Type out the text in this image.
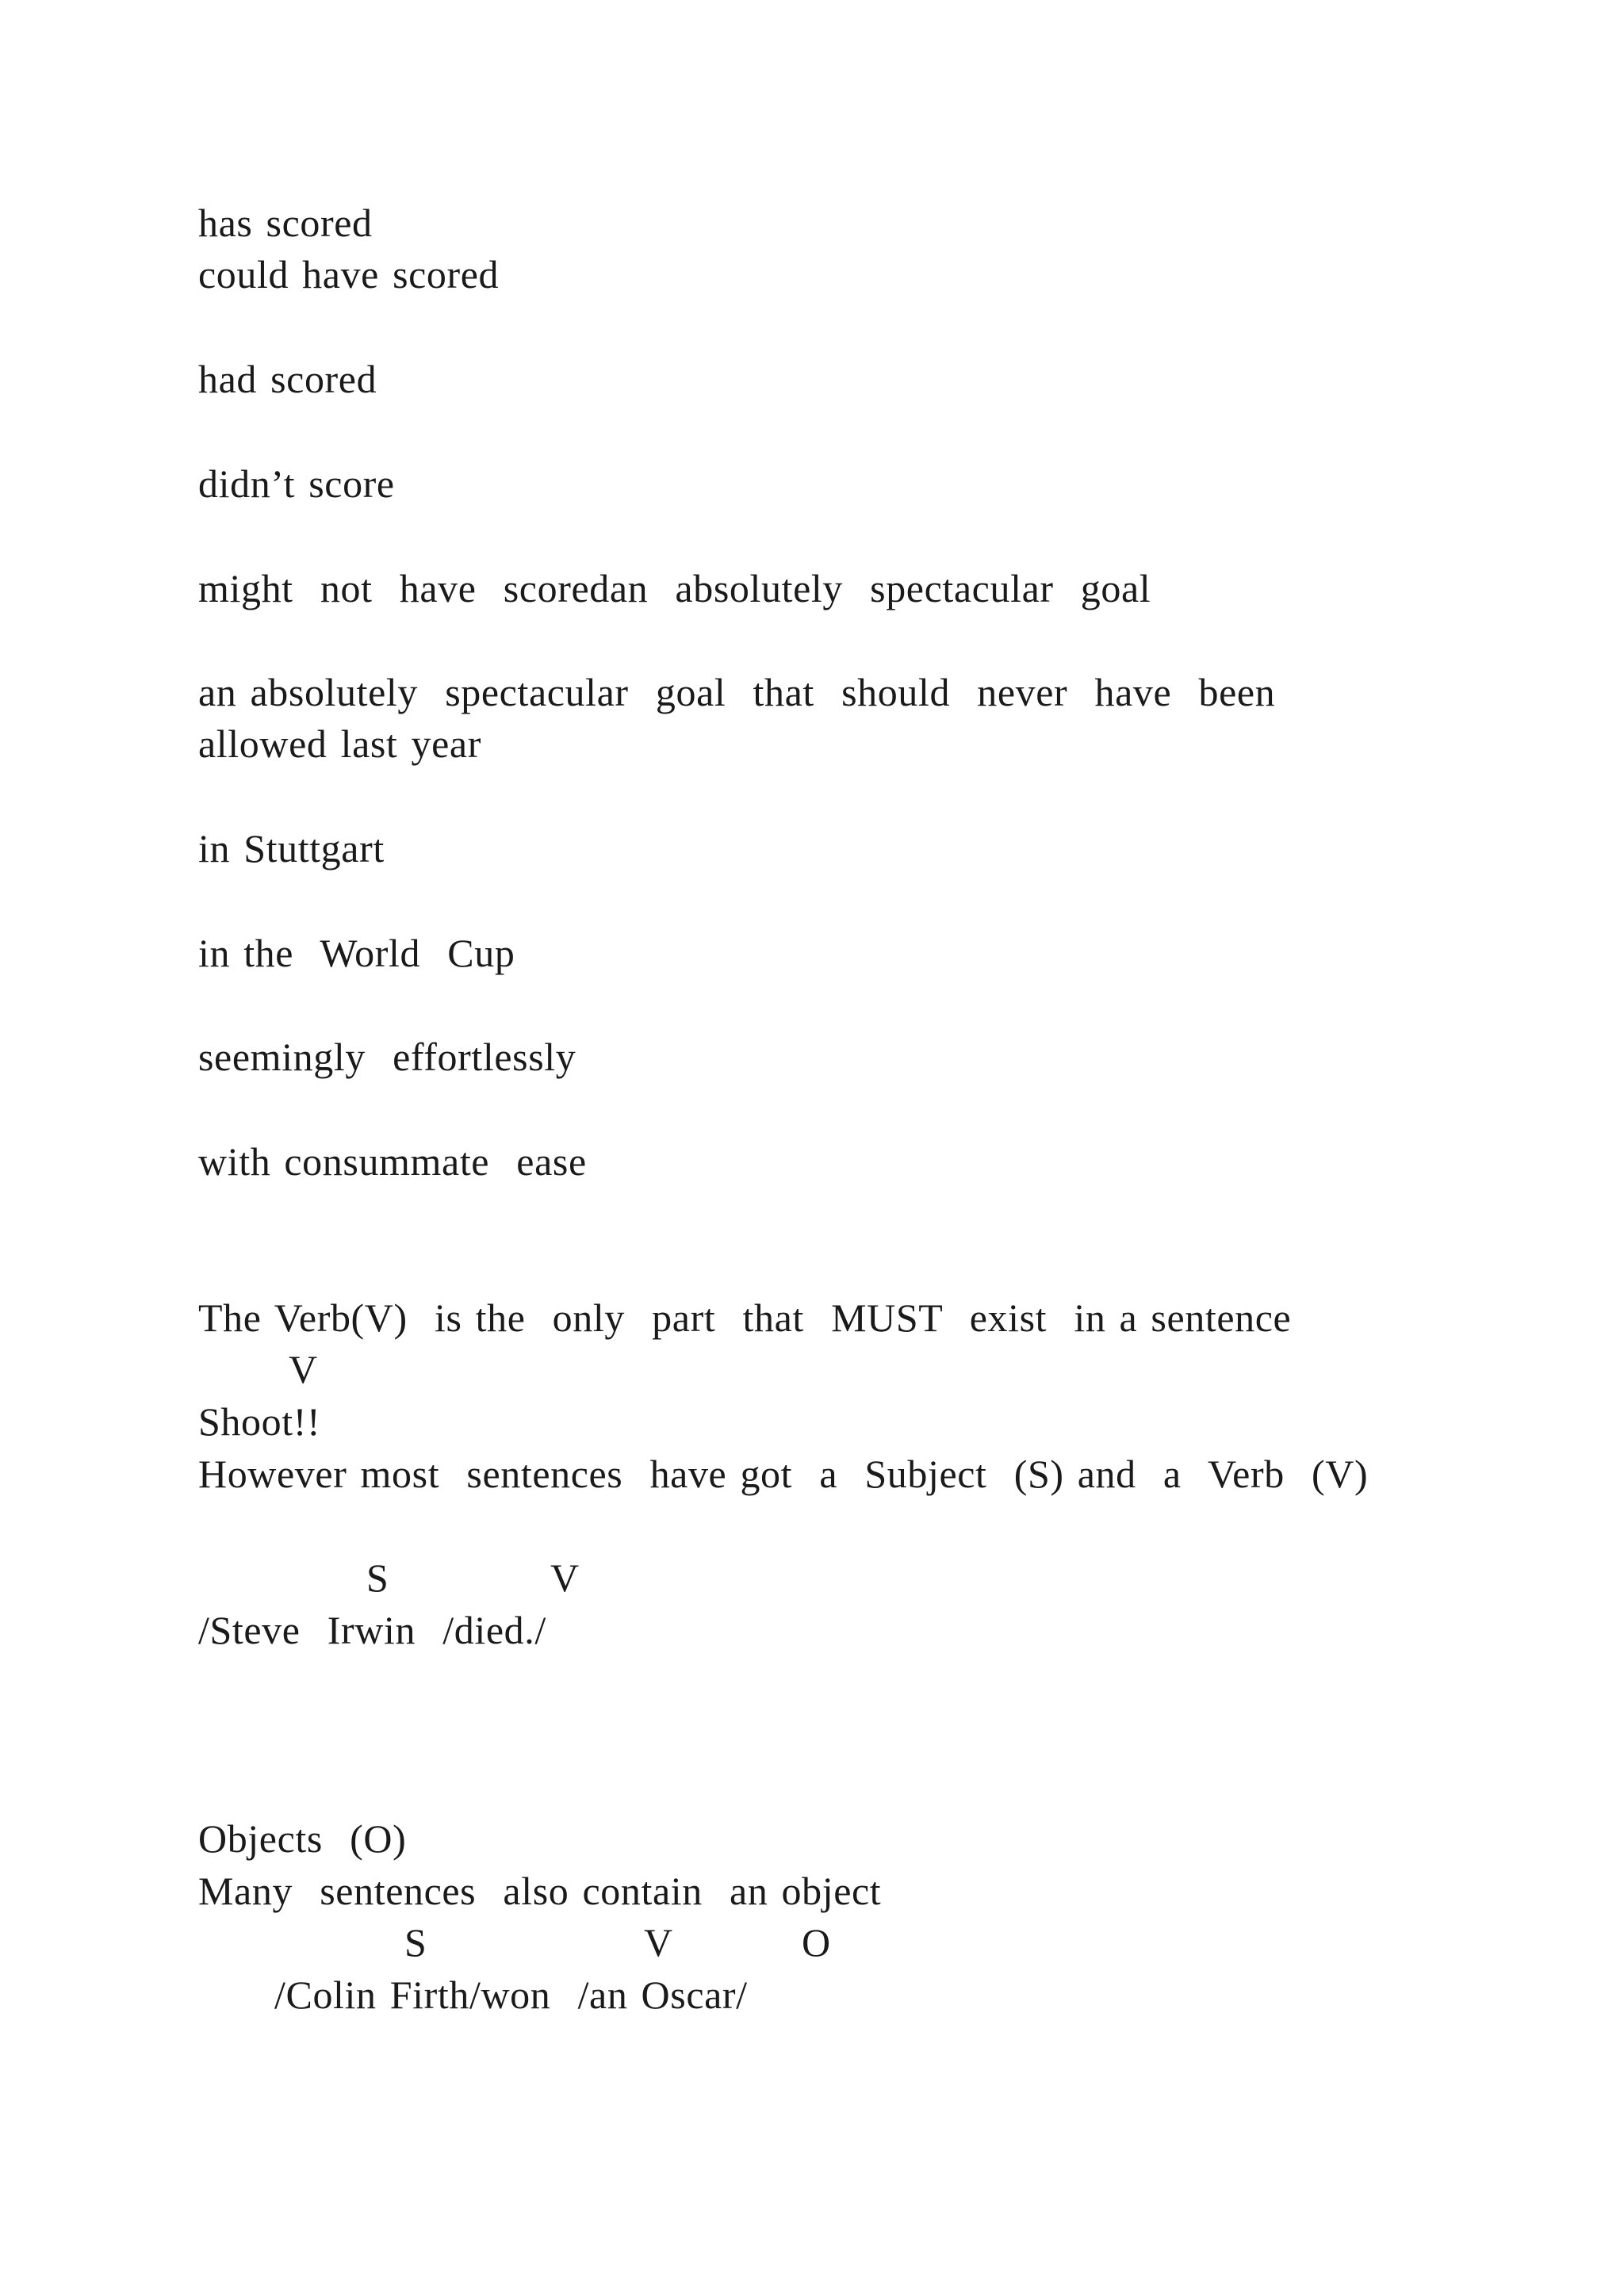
has scored

could have scored

had scored

didn’t score

might  not  have  scoredan  absolutely  spectacular  goal

an absolutely  spectacular  goal  that  should  never  have  been

allowed last year

in Stuttgart

in the  World  Cup

seemingly  effortlessly

with consummate  ease

The Verb(V)  is the  only  part  that  MUST  exist  in a sentence

V

Shoot!!

However most  sentences  have got  a  Subject  (S) and  a  Verb  (V)

S	V

/Steve  Irwin  /died./

Objects  (O)

Many  sentences  also contain  an object

S	V	O

/Colin Firth/won  /an Oscar/
